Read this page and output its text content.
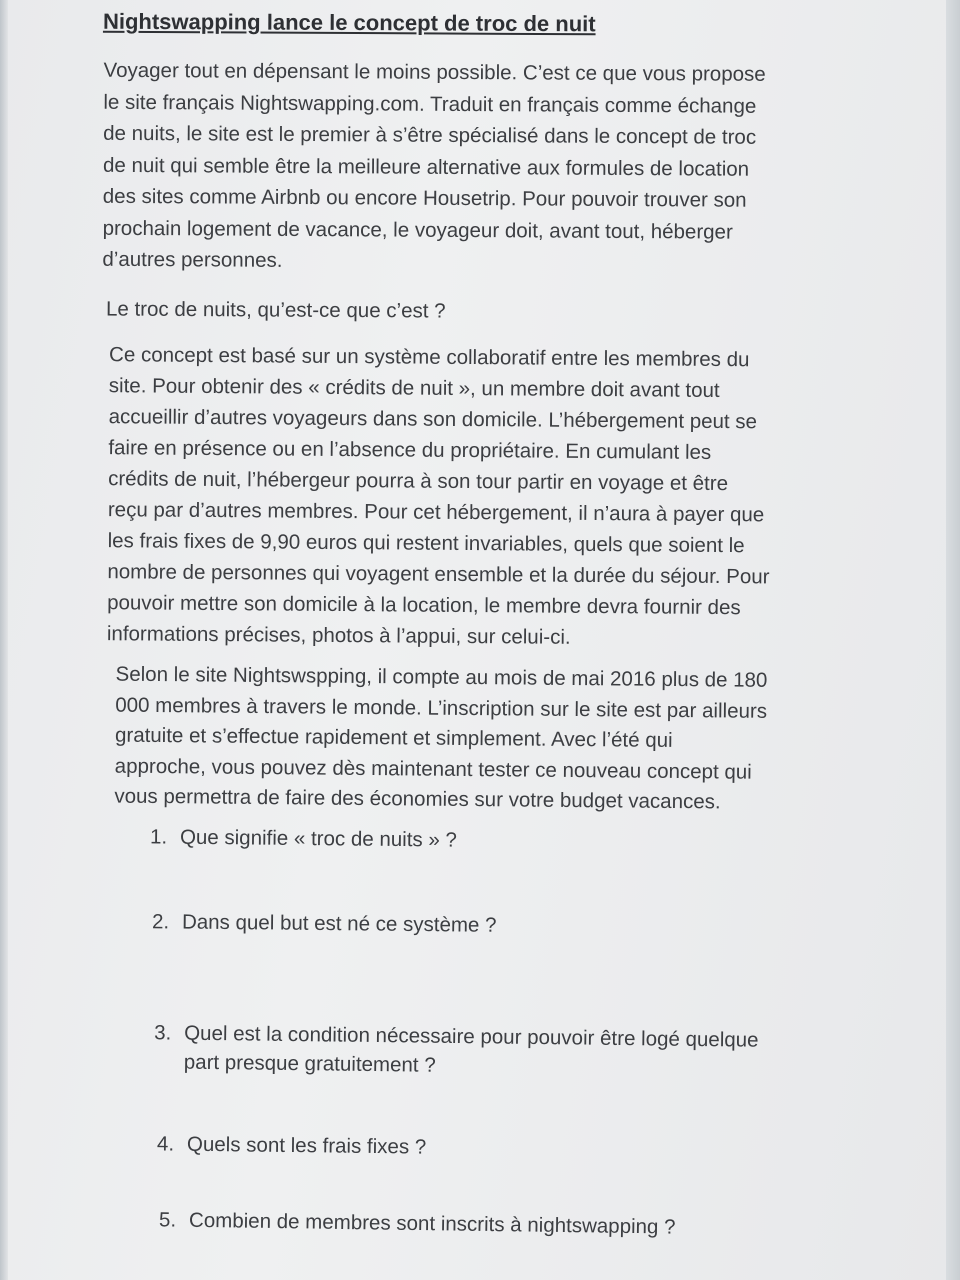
Nightswapping lance le concept de troc de nuit
Voyager tout en dépensant le moins possible. C’est ce que vous propose
le site français Nightswapping.com. Traduit en français comme échange
de nuits, le site est le premier à s’être spécialisé dans le concept de troc
de nuit qui semble être la meilleure alternative aux formules de location
des sites comme Airbnb ou encore Housetrip. Pour pouvoir trouver son
prochain logement de vacance, le voyageur doit, avant tout, héberger
d’autres personnes.
Le troc de nuits, qu’est-ce que c’est ?
Ce concept est basé sur un système collaboratif entre les membres du
site. Pour obtenir des « crédits de nuit », un membre doit avant tout
accueillir d’autres voyageurs dans son domicile. L’hébergement peut se
faire en présence ou en l’absence du propriétaire. En cumulant les
crédits de nuit, l’hébergeur pourra à son tour partir en voyage et être
reçu par d’autres membres. Pour cet hébergement, il n’aura à payer que
les frais fixes de 9,90 euros qui restent invariables, quels que soient le
nombre de personnes qui voyagent ensemble et la durée du séjour. Pour
pouvoir mettre son domicile à la location, le membre devra fournir des
informations précises, photos à l’appui, sur celui-ci.
Selon le site Nightswspping, il compte au mois de mai 2016 plus de 180
000 membres à travers le monde. L’inscription sur le site est par ailleurs
gratuite et s’effectue rapidement et simplement. Avec l’été qui
approche, vous pouvez dès maintenant tester ce nouveau concept qui
vous permettra de faire des économies sur votre budget vacances.
1. Que signifie « troc de nuits » ?
2. Dans quel but est né ce système ?
3. Quel est la condition nécessaire pour pouvoir être logé quelque
part presque gratuitement ?
4. Quels sont les frais fixes ?
5. Combien de membres sont inscrits à nightswapping ?
